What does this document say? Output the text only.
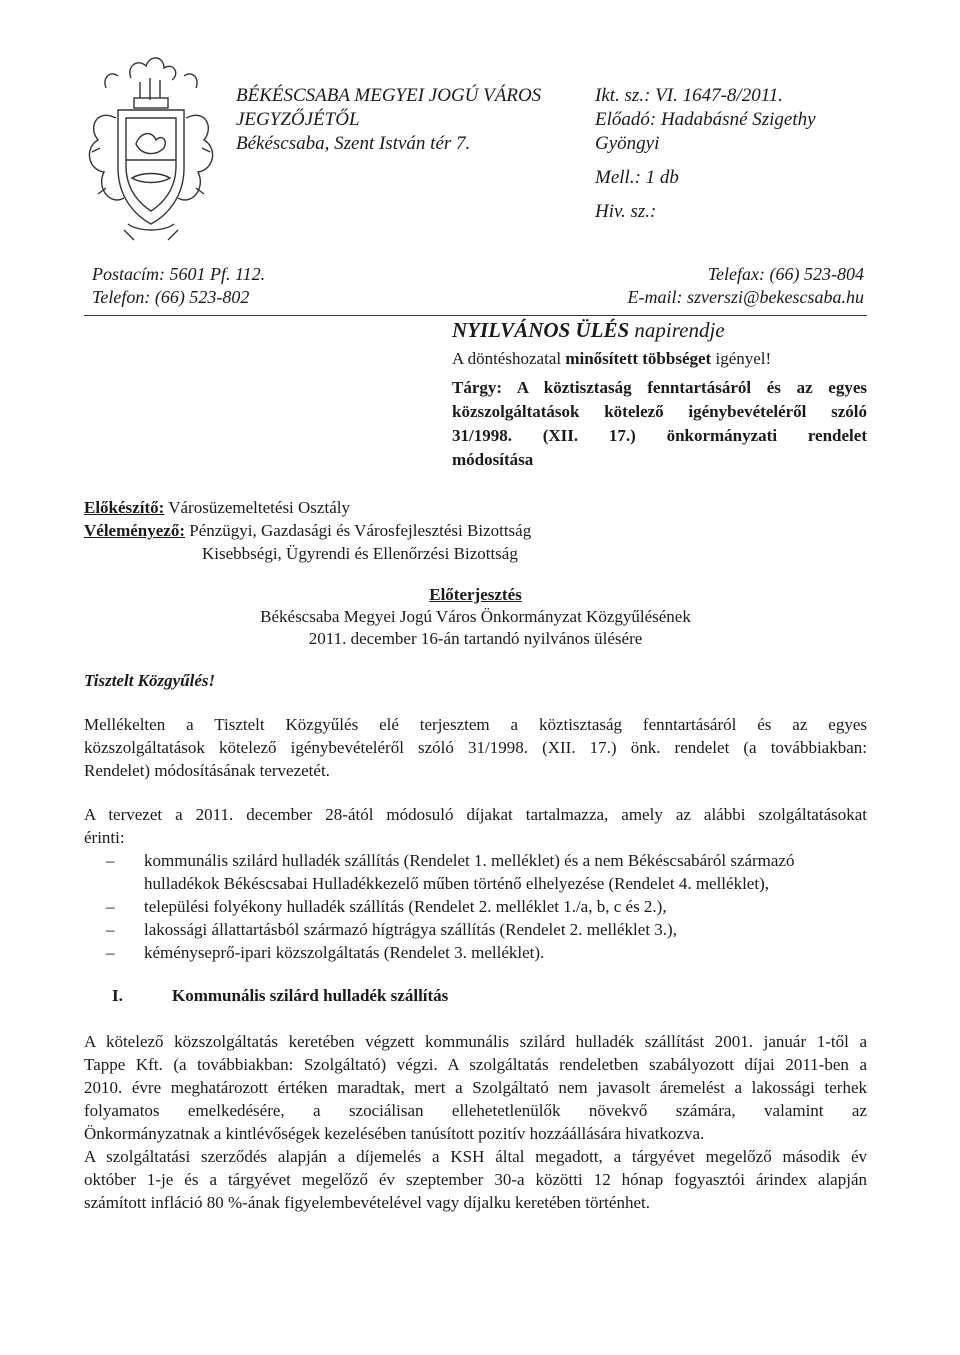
BÉKÉSCSABA MEGYEI JOGÚ VÁROS
JEGYZŐJÉTŐL
Békéscsaba, Szent István tér 7.
Ikt. sz.: VI. 1647-8/2011.
Előadó: Hadabásné Szigethy
Gyöngyi
Mell.: 1 db
Hiv. sz.:
Postacím: 5601 Pf. 112.
Telefon: (66) 523-802
Telefax: (66) 523-804
E-mail: szverszi@bekescsaba.hu
NYILVÁNOS ÜLÉS napirendje
A döntéshozatal minősített többséget igényel!
Tárgy: A köztisztaság fenntartásáról és az egyes
közszolgáltatások kötelező igénybevételéről szóló
31/1998. (XII. 17.) önkormányzati rendelet
módosítása
Előkészítő: Városüzemeltetési Osztály
Véleményező: Pénzügyi, Gazdasági és Városfejlesztési Bizottság
Kisebbségi, Ügyrendi és Ellenőrzési Bizottság
Előterjesztés
Békéscsaba Megyei Jogú Város Önkormányzat Közgyűlésének
2011. december 16-án tartandó nyilvános ülésére
Tisztelt Közgyűlés!
Mellékelten a Tisztelt Közgyűlés elé terjesztem a köztisztaság fenntartásáról és az egyes
közszolgáltatások kötelező igénybevételéről szóló 31/1998. (XII. 17.) önk. rendelet (a továbbiakban:
Rendelet) módosításának tervezetét.
A tervezet a 2011. december 28-ától módosuló díjakat tartalmazza, amely az alábbi szolgáltatásokat
érinti:
– kommunális szilárd hulladék szállítás (Rendelet 1. melléklet) és a nem Békéscsabáról származó
hulladékok Békéscsabai Hulladékkezelő műben történő elhelyezése (Rendelet 4. melléklet),
– települési folyékony hulladék szállítás (Rendelet 2. melléklet 1./a, b, c és 2.),
– lakossági állattartásból származó hígtrágya szállítás (Rendelet 2. melléklet 3.),
– kéményseprő-ipari közszolgáltatás (Rendelet 3. melléklet).
I.	Kommunális szilárd hulladék szállítás
A kötelező közszolgáltatás keretében végzett kommunális szilárd hulladék szállítást 2001. január 1-től a
Tappe Kft. (a továbbiakban: Szolgáltató) végzi. A szolgáltatás rendeletben szabályozott díjai 2011-ben a
2010. évre meghatározott értéken maradtak, mert a Szolgáltató nem javasolt áremelést a lakossági terhek
folyamatos emelkedésére, a szociálisan ellehetetlenülők növekvő számára, valamint az
Önkormányzatnak a kintlévőségek kezelésében tanúsított pozitív hozzáállására hivatkozva.
A szolgáltatási szerződés alapján a díjemelés a KSH által megadott, a tárgyévet megelőző második év
október 1-je és a tárgyévet megelőző év szeptember 30-a közötti 12 hónap fogyasztói árindex alapján
számított infláció 80 %-ának figyelembevételével vagy díjalku keretében történhet.
